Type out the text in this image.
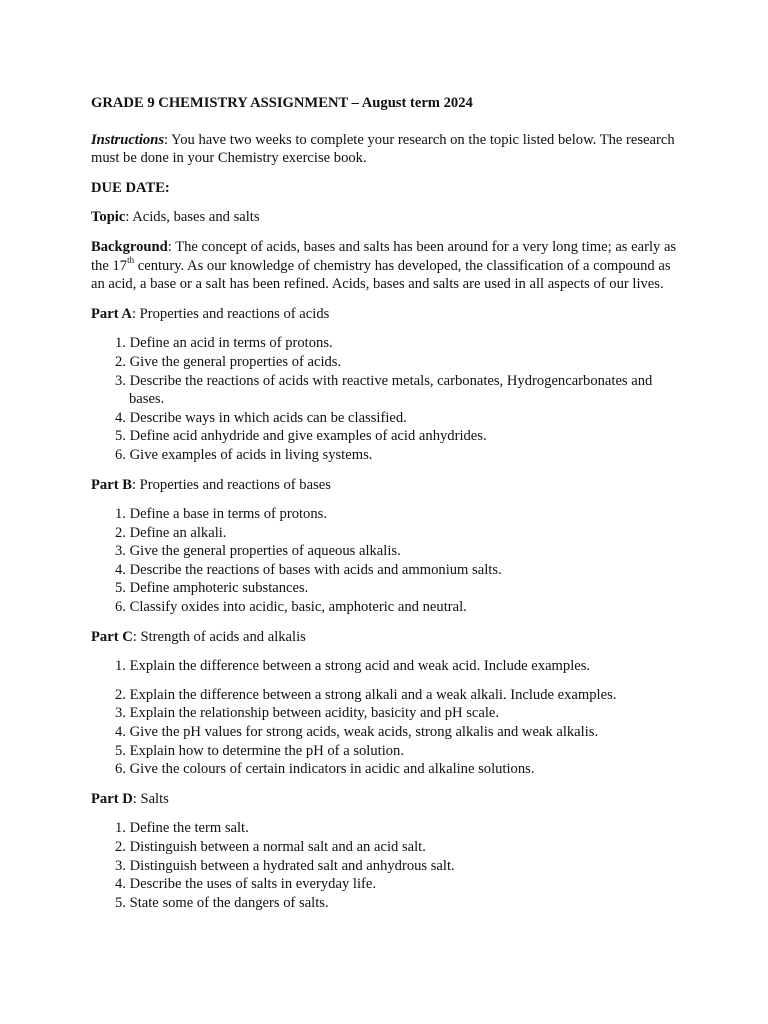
GRADE 9 CHEMISTRY ASSIGNMENT – August term 2024

Instructions: You have two weeks to complete your research on the topic listed below. The research must be done in your Chemistry exercise book.

DUE DATE:

Topic: Acids, bases and salts

Background: The concept of acids, bases and salts has been around for a very long time; as early as the 17th century. As our knowledge of chemistry has developed, the classification of a compound as an acid, a base or a salt has been refined. Acids, bases and salts are used in all aspects of our lives.

Part A: Properties and reactions of acids

1. Define an acid in terms of protons.
2. Give the general properties of acids.
3. Describe the reactions of acids with reactive metals, carbonates, Hydrogencarbonates and bases.
4. Describe ways in which acids can be classified.
5. Define acid anhydride and give examples of acid anhydrides.
6. Give examples of acids in living systems.

Part B: Properties and reactions of bases

1. Define a base in terms of protons.
2. Define an alkali.
3. Give the general properties of aqueous alkalis.
4. Describe the reactions of bases with acids and ammonium salts.
5. Define amphoteric substances.
6. Classify oxides into acidic, basic, amphoteric and neutral.

Part C: Strength of acids and alkalis

1. Explain the difference between a strong acid and weak acid. Include examples.
2. Explain the difference between a strong alkali and a weak alkali. Include examples.
3. Explain the relationship between acidity, basicity and pH scale.
4. Give the pH values for strong acids, weak acids, strong alkalis and weak alkalis.
5. Explain how to determine the pH of a solution.
6. Give the colours of certain indicators in acidic and alkaline solutions.

Part D: Salts

1. Define the term salt.
2. Distinguish between a normal salt and an acid salt.
3. Distinguish between a hydrated salt and anhydrous salt.
4. Describe the uses of salts in everyday life.
5. State some of the dangers of salts.
